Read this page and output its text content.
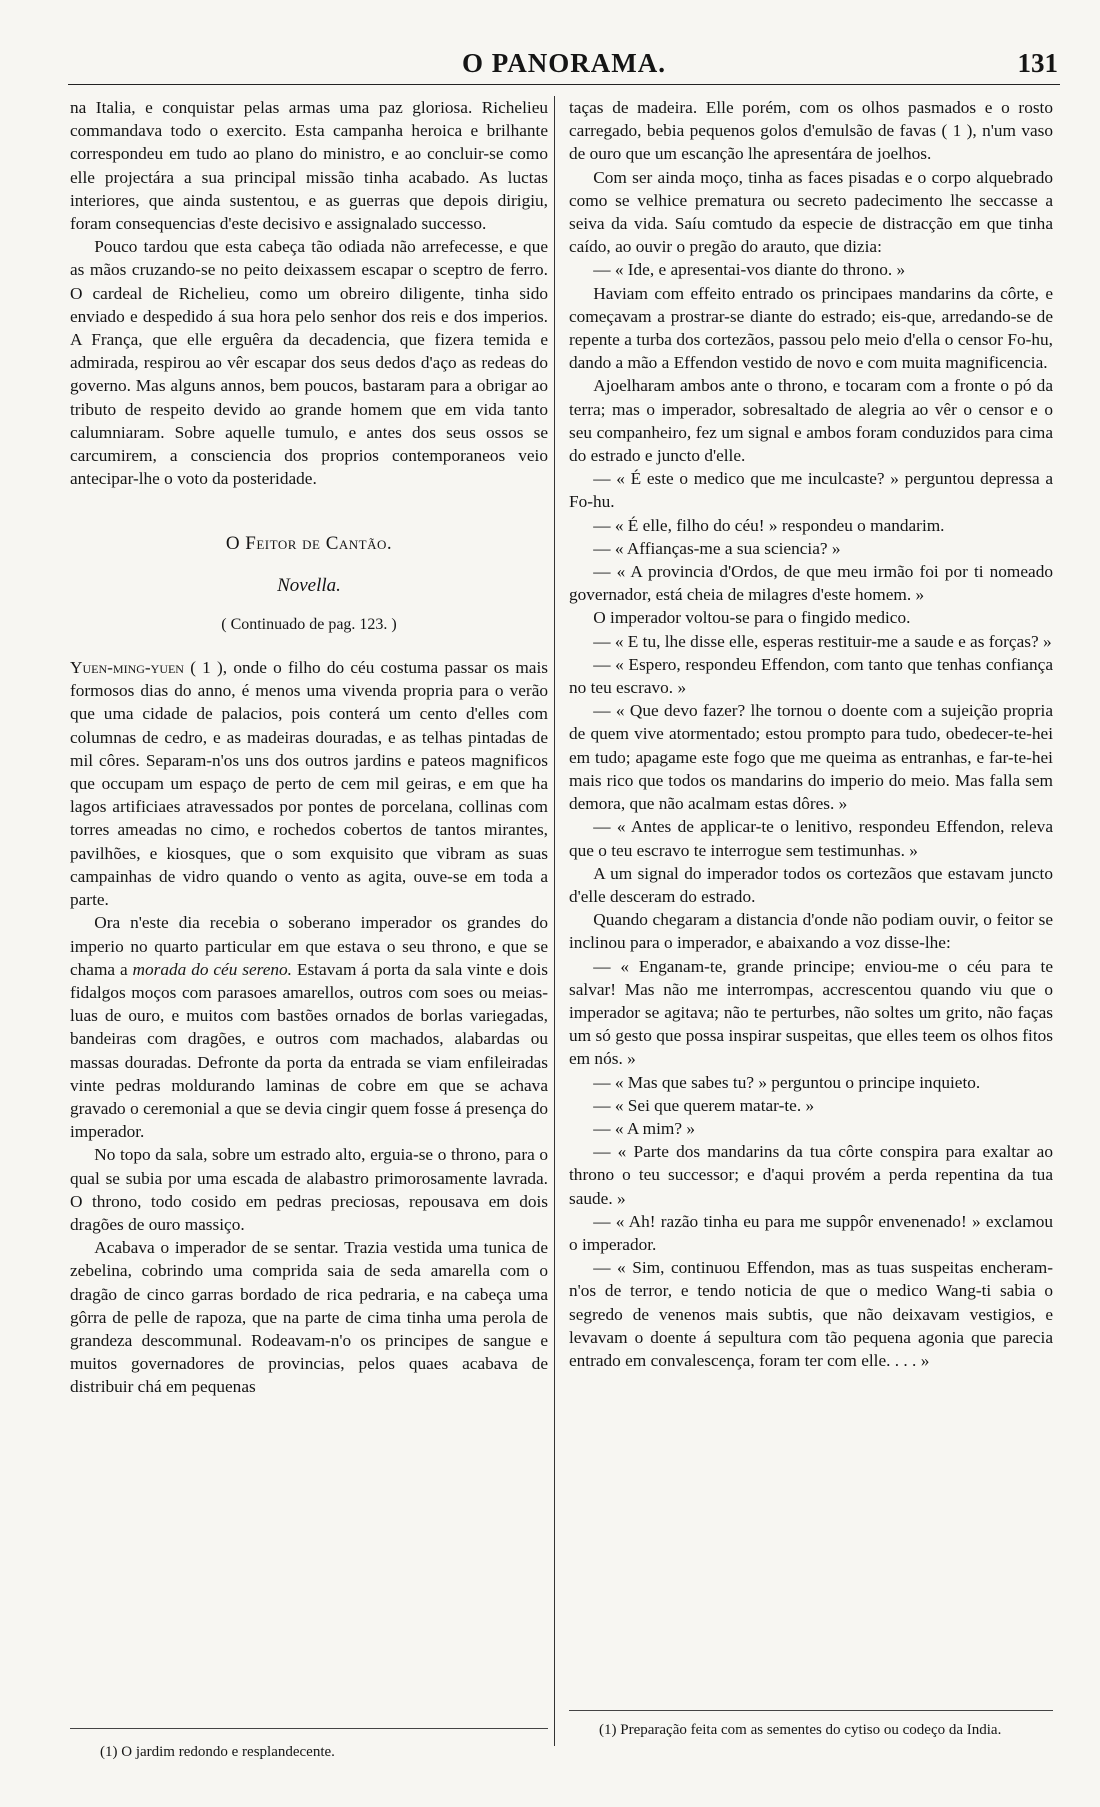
O PANORAMA.	131

na Italia, e conquistar pelas armas uma paz gloriosa. Richelieu commandava todo o exercito. Esta campanha heroica e brilhante correspondeu em tudo ao plano do ministro, e ao concluir-se como elle projectára a sua principal missão tinha acabado. As luctas interiores, que ainda sustentou, e as guerras que depois dirigiu, foram consequencias d'este decisivo e assignalado successo.

Pouco tardou que esta cabeça tão odiada não arrefecesse, e que as mãos cruzando-se no peito deixassem escapar o sceptro de ferro. O cardeal de Richelieu, como um obreiro diligente, tinha sido enviado e despedido á sua hora pelo senhor dos reis e dos imperios. A França, que elle erguêra da decadencia, que fizera temida e admirada, respirou ao vêr escapar dos seus dedos d'aço as redeas do governo. Mas alguns annos, bem poucos, bastaram para a obrigar ao tributo de respeito devido ao grande homem que em vida tanto calumniaram. Sobre aquelle tumulo, e antes dos seus ossos se carcumirem, a consciencia dos proprios contemporaneos veio antecipar-lhe o voto da posteridade.

O Feitor de Cantão.
Novella.
( Continuado de pag. 123. )

Yuen-ming-yuen ( 1 ), onde o filho do céu costuma passar os mais formosos dias do anno, é menos uma vivenda propria para o verão que uma cidade de palacios, pois conterá um cento d'elles com columnas de cedro, e as madeiras douradas, e as telhas pintadas de mil côres. Separam-n'os uns dos outros jardins e pateos magnificos que occupam um espaço de perto de cem mil geiras, e em que ha lagos artificiaes atravessados por pontes de porcelana, collinas com torres ameadas no cimo, e rochedos cobertos de tantos mirantes, pavilhões, e kiosques, que o som exquisito que vibram as suas campainhas de vidro quando o vento as agita, ouve-se em toda a parte.

Ora n'este dia recebia o soberano imperador os grandes do imperio no quarto particular em que estava o seu throno, e que se chama a morada do céu sereno. Estavam á porta da sala vinte e dois fidalgos moços com parasoes amarellos, outros com soes ou meias-luas de ouro, e muitos com bastões ornados de borlas variegadas, bandeiras com dragões, e outros com machados, alabardas ou massas douradas. Defronte da porta da entrada se viam enfileiradas vinte pedras moldurando laminas de cobre em que se achava gravado o ceremonial a que se devia cingir quem fosse á presença do imperador.

No topo da sala, sobre um estrado alto, erguia-se o throno, para o qual se subia por uma escada de alabastro primorosamente lavrada. O throno, todo cosido em pedras preciosas, repousava em dois dragões de ouro massiço.

Acabava o imperador de se sentar. Trazia vestida uma tunica de zebelina, cobrindo uma comprida saia de seda amarella com o dragão de cinco garras bordado de rica pedraria, e na cabeça uma gôrra de pelle de rapoza, que na parte de cima tinha uma perola de grandeza descommunal. Rodeavam-n'o os principes de sangue e muitos governadores de provincias, pelos quaes acabava de distribuir chá em pequenas

taças de madeira. Elle porém, com os olhos pasmados e o rosto carregado, bebia pequenos golos d'emulsão de favas ( 1 ), n'um vaso de ouro que um escanção lhe apresentára de joelhos.

Com ser ainda moço, tinha as faces pisadas e o corpo alquebrado como se velhice prematura ou secreto padecimento lhe seccasse a seiva da vida. Saíu comtudo da especie de distracção em que tinha caído, ao ouvir o pregão do arauto, que dizia:

— « Ide, e apresentai-vos diante do throno. »

Haviam com effeito entrado os principaes mandarins da côrte, e começavam a prostrar-se diante do estrado; eis-que, arredando-se de repente a turba dos cortezãos, passou pelo meio d'ella o censor Fo-hu, dando a mão a Effendon vestido de novo e com muita magnificencia.

Ajoelharam ambos ante o throno, e tocaram com a fronte o pó da terra; mas o imperador, sobresaltado de alegria ao vêr o censor e o seu companheiro, fez um signal e ambos foram conduzidos para cima do estrado e juncto d'elle.

— « É este o medico que me inculcaste? » perguntou depressa a Fo-hu.

— « É elle, filho do céu! » respondeu o mandarim.

— « Affianças-me a sua sciencia? »

— « A provincia d'Ordos, de que meu irmão foi por ti nomeado governador, está cheia de milagres d'este homem. »

O imperador voltou-se para o fingido medico.

— « E tu, lhe disse elle, esperas restituir-me a saude e as forças? »

— « Espero, respondeu Effendon, com tanto que tenhas confiança no teu escravo. »

— « Que devo fazer? lhe tornou o doente com a sujeição propria de quem vive atormentado; estou prompto para tudo, obedecer-te-hei em tudo; apagame este fogo que me queima as entranhas, e far-te-hei mais rico que todos os mandarins do imperio do meio. Mas falla sem demora, que não acalmam estas dôres. »

— « Antes de applicar-te o lenitivo, respondeu Effendon, releva que o teu escravo te interrogue sem testimunhas. »

A um signal do imperador todos os cortezãos que estavam juncto d'elle desceram do estrado.

Quando chegaram a distancia d'onde não podiam ouvir, o feitor se inclinou para o imperador, e abaixando a voz disse-lhe:

— « Enganam-te, grande principe; enviou-me o céu para te salvar! Mas não me interrompas, accrescentou quando viu que o imperador se agitava; não te perturbes, não soltes um grito, não faças um só gesto que possa inspirar suspeitas, que elles teem os olhos fitos em nós. »

— « Mas que sabes tu? » perguntou o principe inquieto.

— « Sei que querem matar-te. »

— « A mim? »

— « Parte dos mandarins da tua côrte conspira para exaltar ao throno o teu successor; e d'aqui provém a perda repentina da tua saude. »

— « Ah! razão tinha eu para me suppôr envenenado! » exclamou o imperador.

— « Sim, continuou Effendon, mas as tuas suspeitas encheram-n'os de terror, e tendo noticia de que o medico Wang-ti sabia o segredo de venenos mais subtis, que não deixavam vestigios, e levavam o doente á sepultura com tão pequena agonia que parecia entrado em convalescença, foram ter com elle. . . . »

(1) O jardim redondo e resplandecente.

(1) Preparação feita com as sementes do cytiso ou codeço da India.
